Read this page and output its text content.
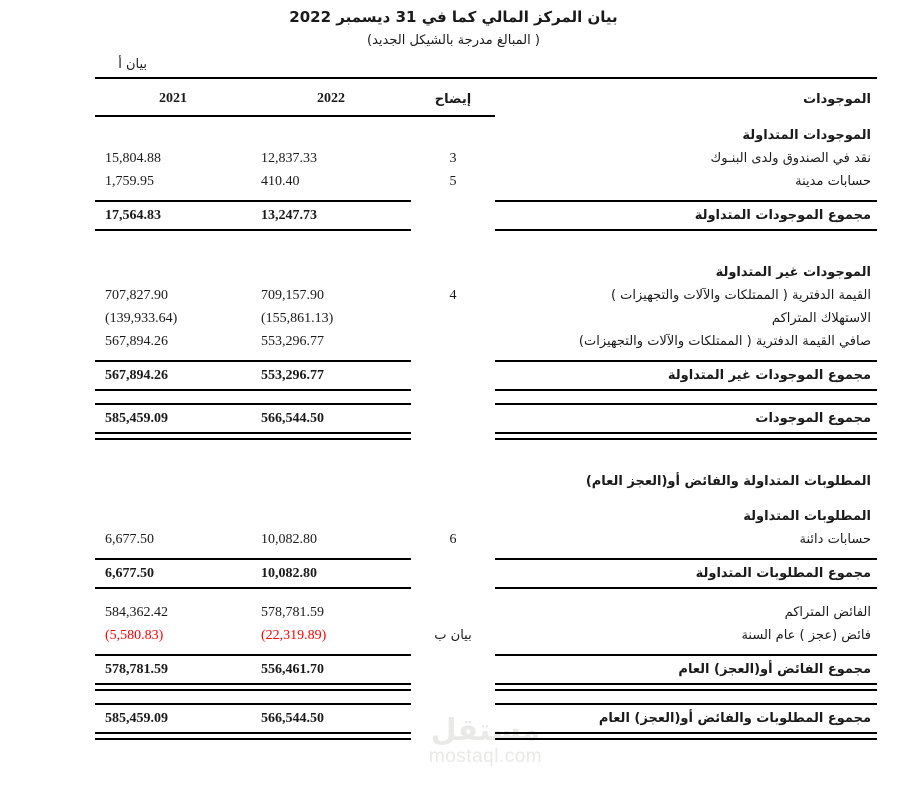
مستقل
mostaql.com
بيان المركز المالي كما في 31 ديسمبر 2022
( المبالغ مدرجة بالشيكل الجديد)
بيان أ
الموجودات	إيضاح	2022	2021

الموجودات المتداولة			
نقد في الصندوق ولدى البنـوك	3	12,837.33	15,804.88
حسابات مدينة	5	410.40	1,759.95

مجموع الموجودات المتداولة		13,247.73	17,564.83

الموجودات غير المتداولة			
القيمة الدفترية ( الممتلكات والآلات والتجهيزات )	4	709,157.90	707,827.90
الاستهلاك المتراكم		(155,861.13)	(139,933.64)
صافي القيمة الدفترية ( الممتلكات والآلات والتجهيزات)		553,296.77	567,894.26

مجموع الموجودات غير المتداولة		553,296.77	567,894.26

مجموع الموجودات		566,544.50	585,459.09

المطلوبات المتداولة والفائض أو(العجز العام)			

المطلوبات المتداولة			
حسابات دائنة	6	10,082.80	6,677.50

مجموع المطلوبات المتداولة		10,082.80	6,677.50

الفائض المتراكم		578,781.59	584,362.42
فائض (عجز ) عام السنة	بيان ب	(22,319.89)	(5,580.83)

مجموع الفائض أو(العجز) العام		556,461.70	578,781.59

مجموع المطلوبات والفائض أو(العجز) العام		566,544.50	585,459.09
